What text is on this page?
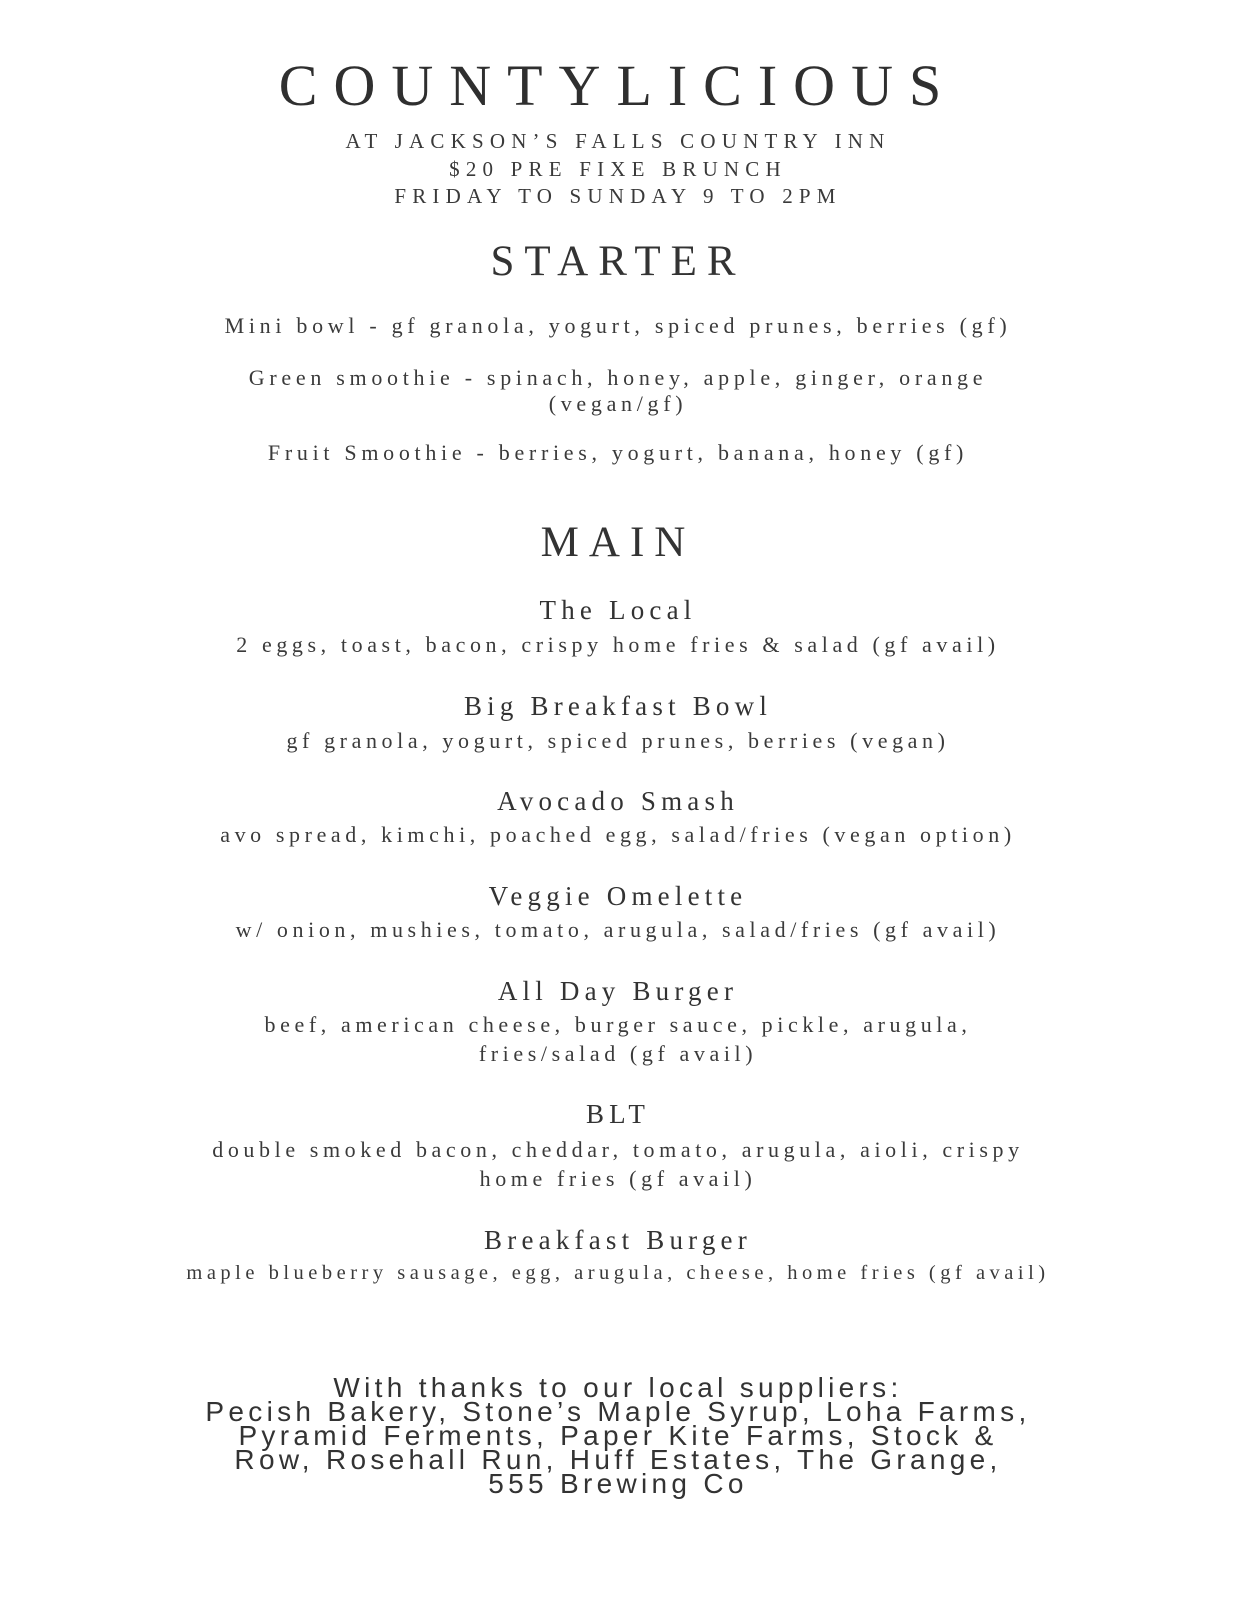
COUNTYLICIOUS
AT JACKSON’S FALLS COUNTRY INN
$20 PRE FIXE BRUNCH
FRIDAY TO SUNDAY 9 TO 2PM
STARTER
Mini bowl - gf granola, yogurt, spiced prunes, berries (gf)
Green smoothie - spinach, honey, apple, ginger, orange
(vegan/gf)
Fruit Smoothie - berries, yogurt, banana, honey (gf)
MAIN
The Local
2 eggs, toast, bacon, crispy home fries & salad (gf avail)
Big Breakfast Bowl
gf granola, yogurt, spiced prunes, berries (vegan)
Avocado Smash
avo spread, kimchi, poached egg, salad/fries (vegan option)
Veggie Omelette
w/ onion, mushies, tomato, arugula, salad/fries (gf avail)
All Day Burger
beef, american cheese, burger sauce, pickle, arugula,
fries/salad (gf avail)
BLT
double smoked bacon, cheddar, tomato, arugula, aioli, crispy
home fries (gf avail)
Breakfast Burger
maple blueberry sausage, egg, arugula, cheese, home fries (gf avail)
With thanks to our local suppliers:
Pecish Bakery, Stone’s Maple Syrup, Loha Farms,
Pyramid Ferments, Paper Kite Farms, Stock &
Row, Rosehall Run, Huff Estates, The Grange,
555 Brewing Co
